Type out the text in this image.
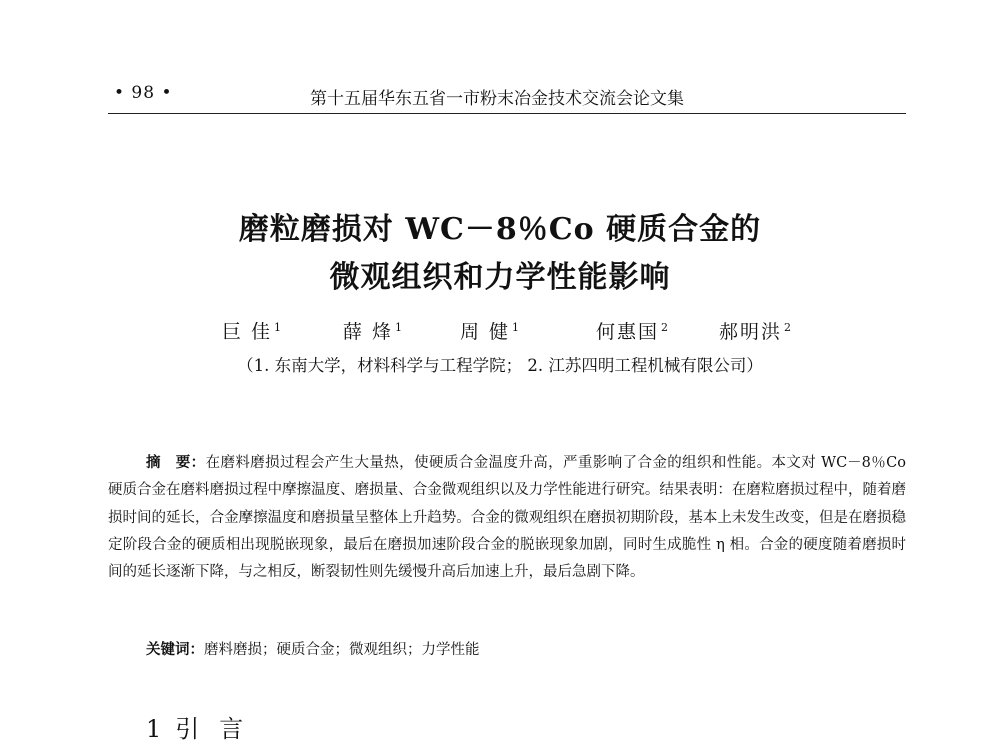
• 98 •	第十五届华东五省一市粉末冶金技术交流会论文集
磨粒磨损对 WC－8％Co 硬质合金的
微观组织和力学性能影响
巨 佳 $^1$	薛 烽 $^1$	周 健 $^1$	何惠国 $^2$	郝明洪 $^2$
（1. 东南大学，材料科学与工程学院； 2. 江苏四明工程机械有限公司）
摘　要：在磨料磨损过程会产生大量热，使硬质合金温度升高，严重影响了合金的组织和性能。本文对 WC－8％Co 硬质合金在磨料磨损过程中摩擦温度、磨损量、合金微观组织以及力学性能进行研究。结果表明：在磨粒磨损过程中，随着磨损时间的延长，合金摩擦温度和磨损量呈整体上升趋势。合金的微观组织在磨损初期阶段，基本上未发生改变，但是在磨损稳定阶段合金的硬质相出现脱嵌现象，最后在磨损加速阶段合金的脱嵌现象加剧，同时生成脆性 η 相。合金的硬度随着磨损时间的延长逐渐下降，与之相反，断裂韧性则先缓慢升高后加速上升，最后急剧下降。
关键词：磨料磨损；硬质合金；微观组织；力学性能
1 引 言
